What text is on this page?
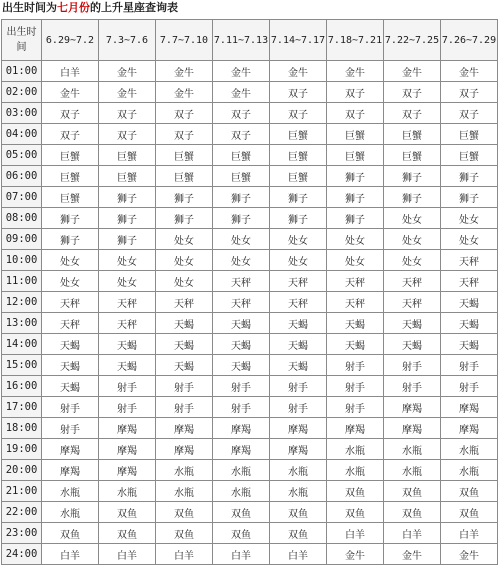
出生时间为七月份的上升星座查询表
出生时间	6.29~7.2	7.3~7.6	7.7~7.10	7.11~7.13	7.14~7.17	7.18~7.21	7.22~7.25	7.26~7.29
01:00	白羊	金牛	金牛	金牛	金牛	金牛	金牛	金牛
02:00	金牛	金牛	金牛	金牛	双子	双子	双子	双子
03:00	双子	双子	双子	双子	双子	双子	双子	双子
04:00	双子	双子	双子	双子	巨蟹	巨蟹	巨蟹	巨蟹
05:00	巨蟹	巨蟹	巨蟹	巨蟹	巨蟹	巨蟹	巨蟹	巨蟹
06:00	巨蟹	巨蟹	巨蟹	巨蟹	巨蟹	狮子	狮子	狮子
07:00	巨蟹	狮子	狮子	狮子	狮子	狮子	狮子	狮子
08:00	狮子	狮子	狮子	狮子	狮子	狮子	处女	处女
09:00	狮子	狮子	处女	处女	处女	处女	处女	处女
10:00	处女	处女	处女	处女	处女	处女	处女	天秤
11:00	处女	处女	处女	天秤	天秤	天秤	天秤	天秤
12:00	天秤	天秤	天秤	天秤	天秤	天秤	天秤	天蝎
13:00	天秤	天秤	天蝎	天蝎	天蝎	天蝎	天蝎	天蝎
14:00	天蝎	天蝎	天蝎	天蝎	天蝎	天蝎	天蝎	天蝎
15:00	天蝎	天蝎	天蝎	天蝎	天蝎	射手	射手	射手
16:00	天蝎	射手	射手	射手	射手	射手	射手	射手
17:00	射手	射手	射手	射手	射手	射手	摩羯	摩羯
18:00	射手	摩羯	摩羯	摩羯	摩羯	摩羯	摩羯	摩羯
19:00	摩羯	摩羯	摩羯	摩羯	摩羯	水瓶	水瓶	水瓶
20:00	摩羯	摩羯	水瓶	水瓶	水瓶	水瓶	水瓶	水瓶
21:00	水瓶	水瓶	水瓶	水瓶	水瓶	双鱼	双鱼	双鱼
22:00	水瓶	双鱼	双鱼	双鱼	双鱼	双鱼	双鱼	双鱼
23:00	双鱼	双鱼	双鱼	双鱼	双鱼	白羊	白羊	白羊
24:00	白羊	白羊	白羊	白羊	白羊	金牛	金牛	金牛
